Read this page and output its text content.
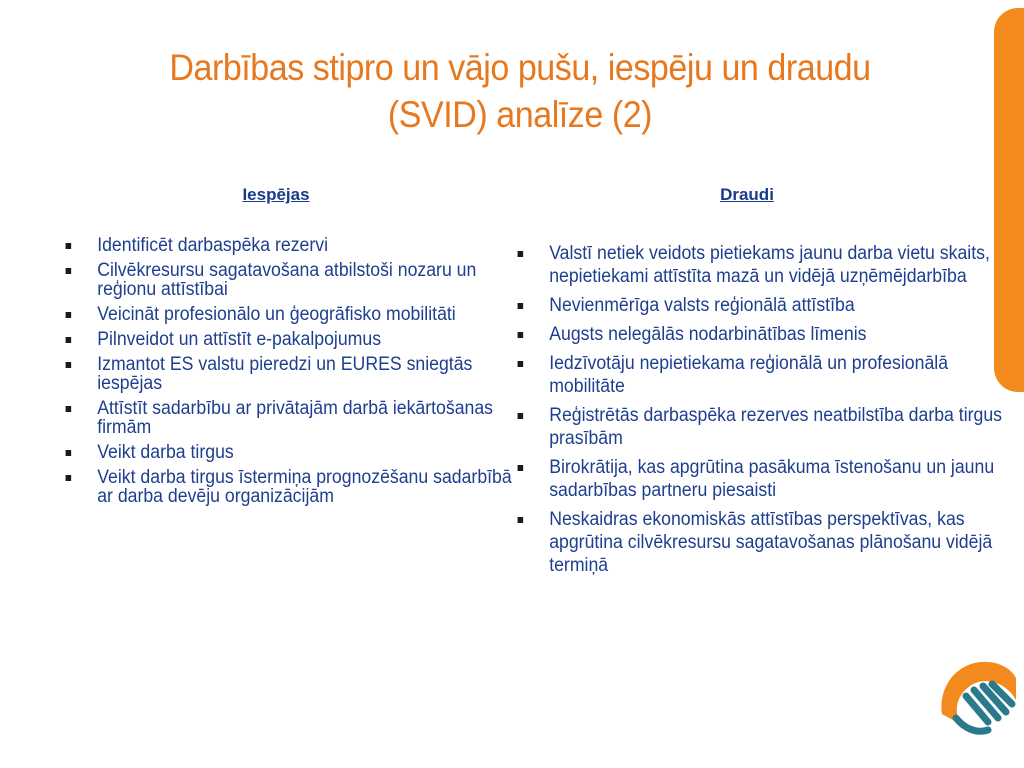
Darbības stipro un vājo pušu, iespēju un draudu
(SVID) analīze (2)

Iespējas

Identificēt darbaspēka rezervi
Cilvēkresursu sagatavošana atbilstoši nozaru un reģionu attīstībai
Veicināt profesionālo un ģeogrāfisko mobilitāti
Pilnveidot un attīstīt e-pakalpojumus
Izmantot ES valstu pieredzi un EURES sniegtās iespējas
Attīstīt sadarbību ar privātajām darbā iekārtošanas firmām
Veikt darba tirgus
Veikt darba tirgus īstermiņa prognozēšanu sadarbībā ar darba devēju organizācijām

Draudi

Valstī netiek veidots pietiekams jaunu darba vietu skaits, nepietiekami attīstīta mazā un vidējā uzņēmējdarbība
Nevienmērīga valsts reģionālā attīstība
Augsts nelegālās nodarbinātības līmenis
Iedzīvotāju nepietiekama reģionālā un profesionālā mobilitāte
Reģistrētās darbaspēka rezerves neatbilstība darba tirgus prasībām
Birokrātija, kas apgrūtina pasākuma īstenošanu un jaunu sadarbības partneru piesaisti
Neskaidras ekonomiskās attīstības perspektīvas, kas apgrūtina cilvēkresursu sagatavošanas plānošanu vidējā termiņā
